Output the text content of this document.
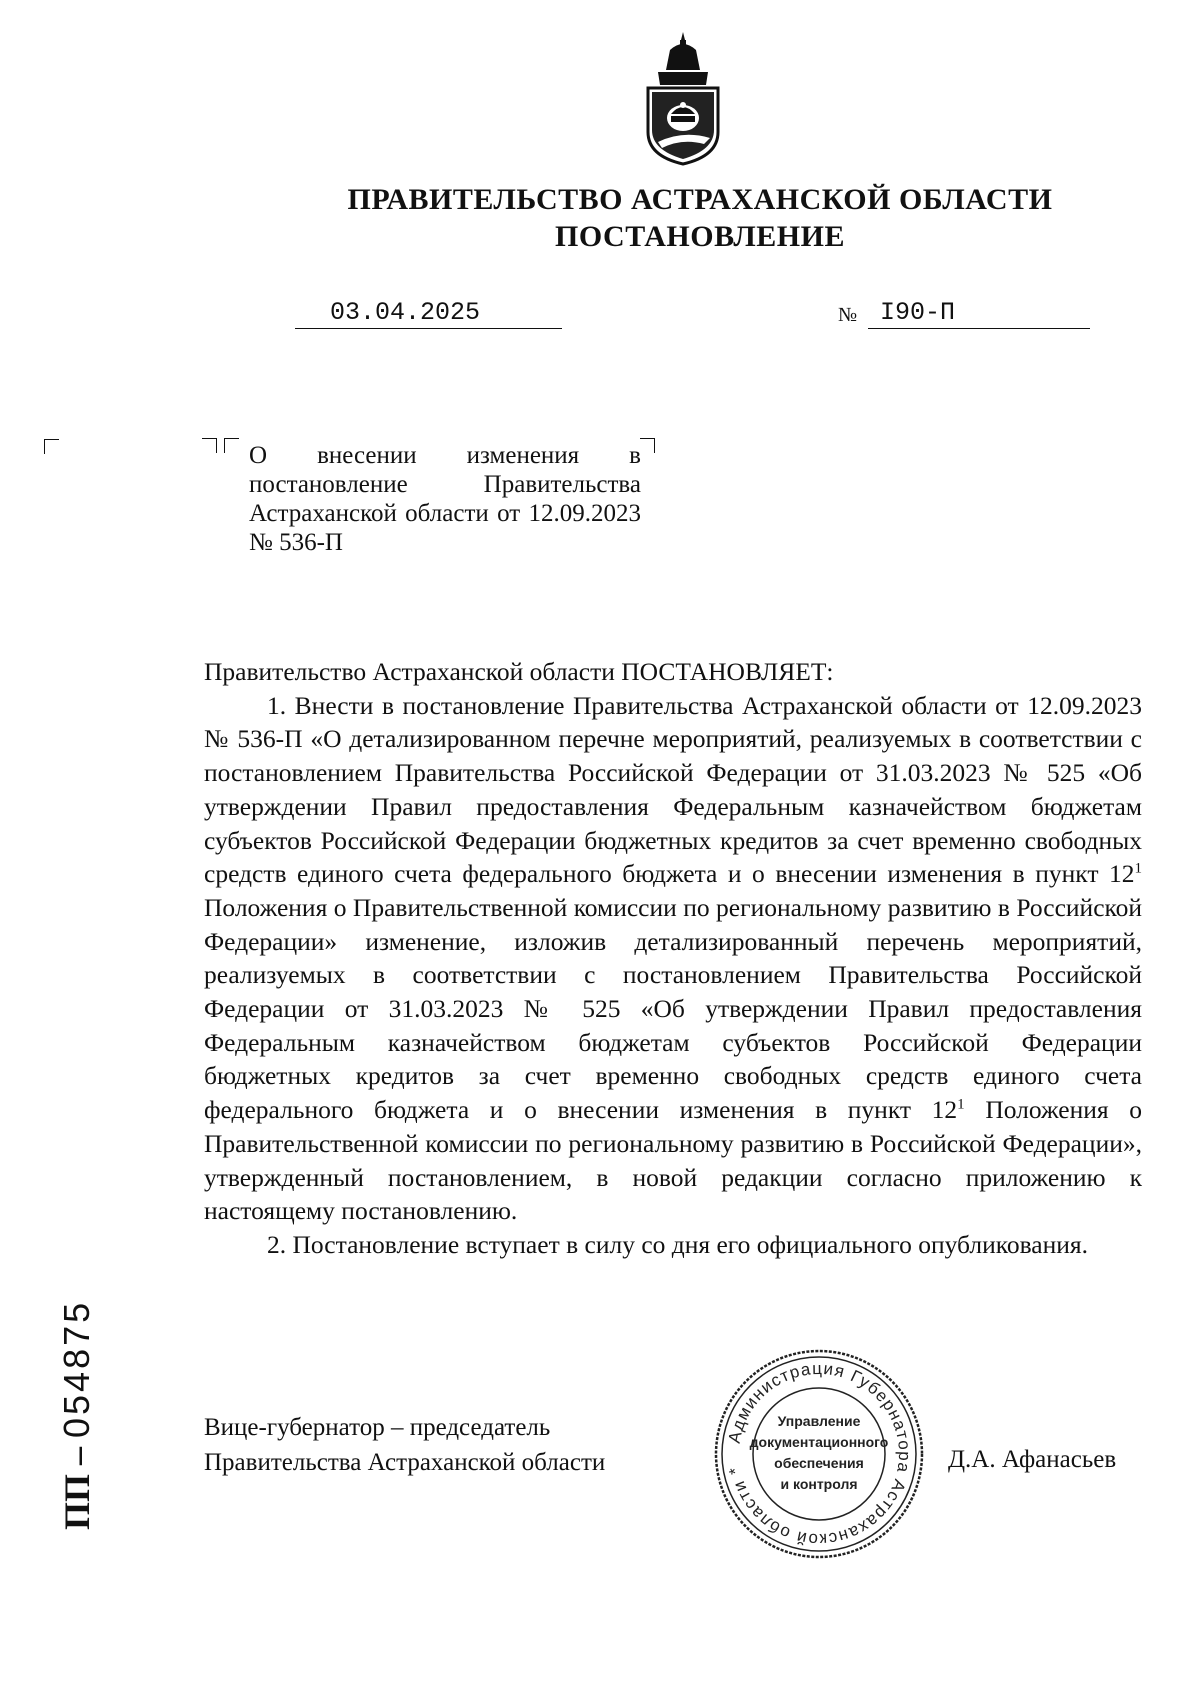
ПРАВИТЕЛЬСТВО АСТРАХАНСКОЙ ОБЛАСТИ
ПОСТАНОВЛЕНИЕ
03.04.2025	№ I90-П

О внесении изменения в постановление Правительства Астраханской области от 12.09.2023 № 536-П

Правительство Астраханской области ПОСТАНОВЛЯЕТ:

1. Внести в постановление Правительства Астраханской области от 12.09.2023 № 536-П «О детализированном перечне мероприятий, реализуемых в соответствии с постановлением Правительства Российской Федерации от 31.03.2023 № 525 «Об утверждении Правил предоставления Федеральным казначейством бюджетам субъектов Российской Федерации бюджетных кредитов за счет временно свободных средств единого счета федерального бюджета и о внесении изменения в пункт $12^1$ Положения о Правительственной комиссии по региональному развитию в Российской Федерации» изменение, изложив детализированный перечень мероприятий, реализуемых в соответствии с постановлением Правительства Российской Федерации от 31.03.2023 № 525 «Об утверждении Правил предоставления Федеральным казначейством бюджетам субъектов Российской Федерации бюджетных кредитов за счет временно свободных средств единого счета федерального бюджета и о внесении изменения в пункт $12^1$ Положения о Правительственной комиссии по региональному развитию в Российской Федерации», утвержденный постановлением, в новой редакции согласно приложению к настоящему постановлению.

2. Постановление вступает в силу со дня его официального опубликования.

Вице-губернатор – председатель
Правительства Астраханской области
Администрация Губернатора Астраханской области *
Управление
документационного
обеспечения
и контроля
Д.А. Афанасьев
ПП – 054875
